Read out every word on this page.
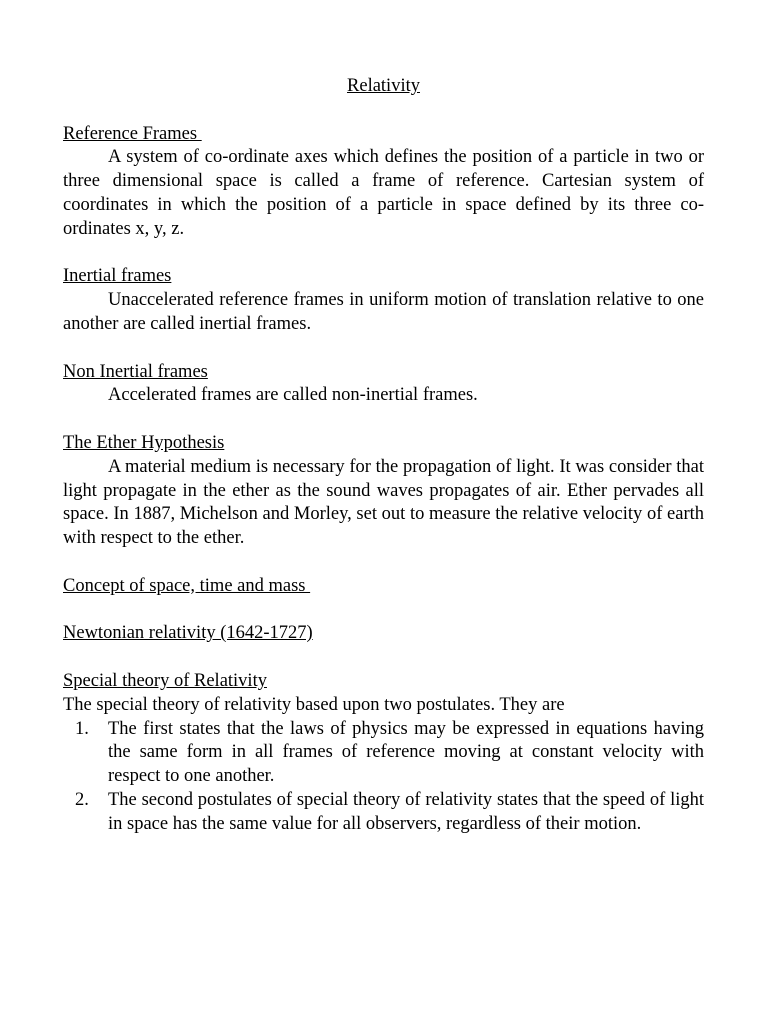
Relativity

Reference Frames

A system of co-ordinate axes which defines the position of a particle in two or three dimensional space is called a frame of reference. Cartesian system of coordinates in which the position of a particle in space defined by its three co-ordinates x, y, z.

Inertial frames

Unaccelerated reference frames in uniform motion of translation relative to one another are called inertial frames.

Non Inertial frames

Accelerated frames are called non-inertial frames.

The Ether Hypothesis

A material medium is necessary for the propagation of light. It was consider that light propagate in the ether as the sound waves propagates of air. Ether pervades all space. In 1887, Michelson and Morley, set out to measure the relative velocity of earth with respect to the ether.

Concept of space, time and mass

Newtonian relativity (1642-1727)

Special theory of Relativity

The special theory of relativity based upon two postulates. They are

1. The first states that the laws of physics may be expressed in equations having the same form in all frames of reference moving at constant velocity with respect to one another.
2. The second postulates of special theory of relativity states that the speed of light in space has the same value for all observers, regardless of their motion.
